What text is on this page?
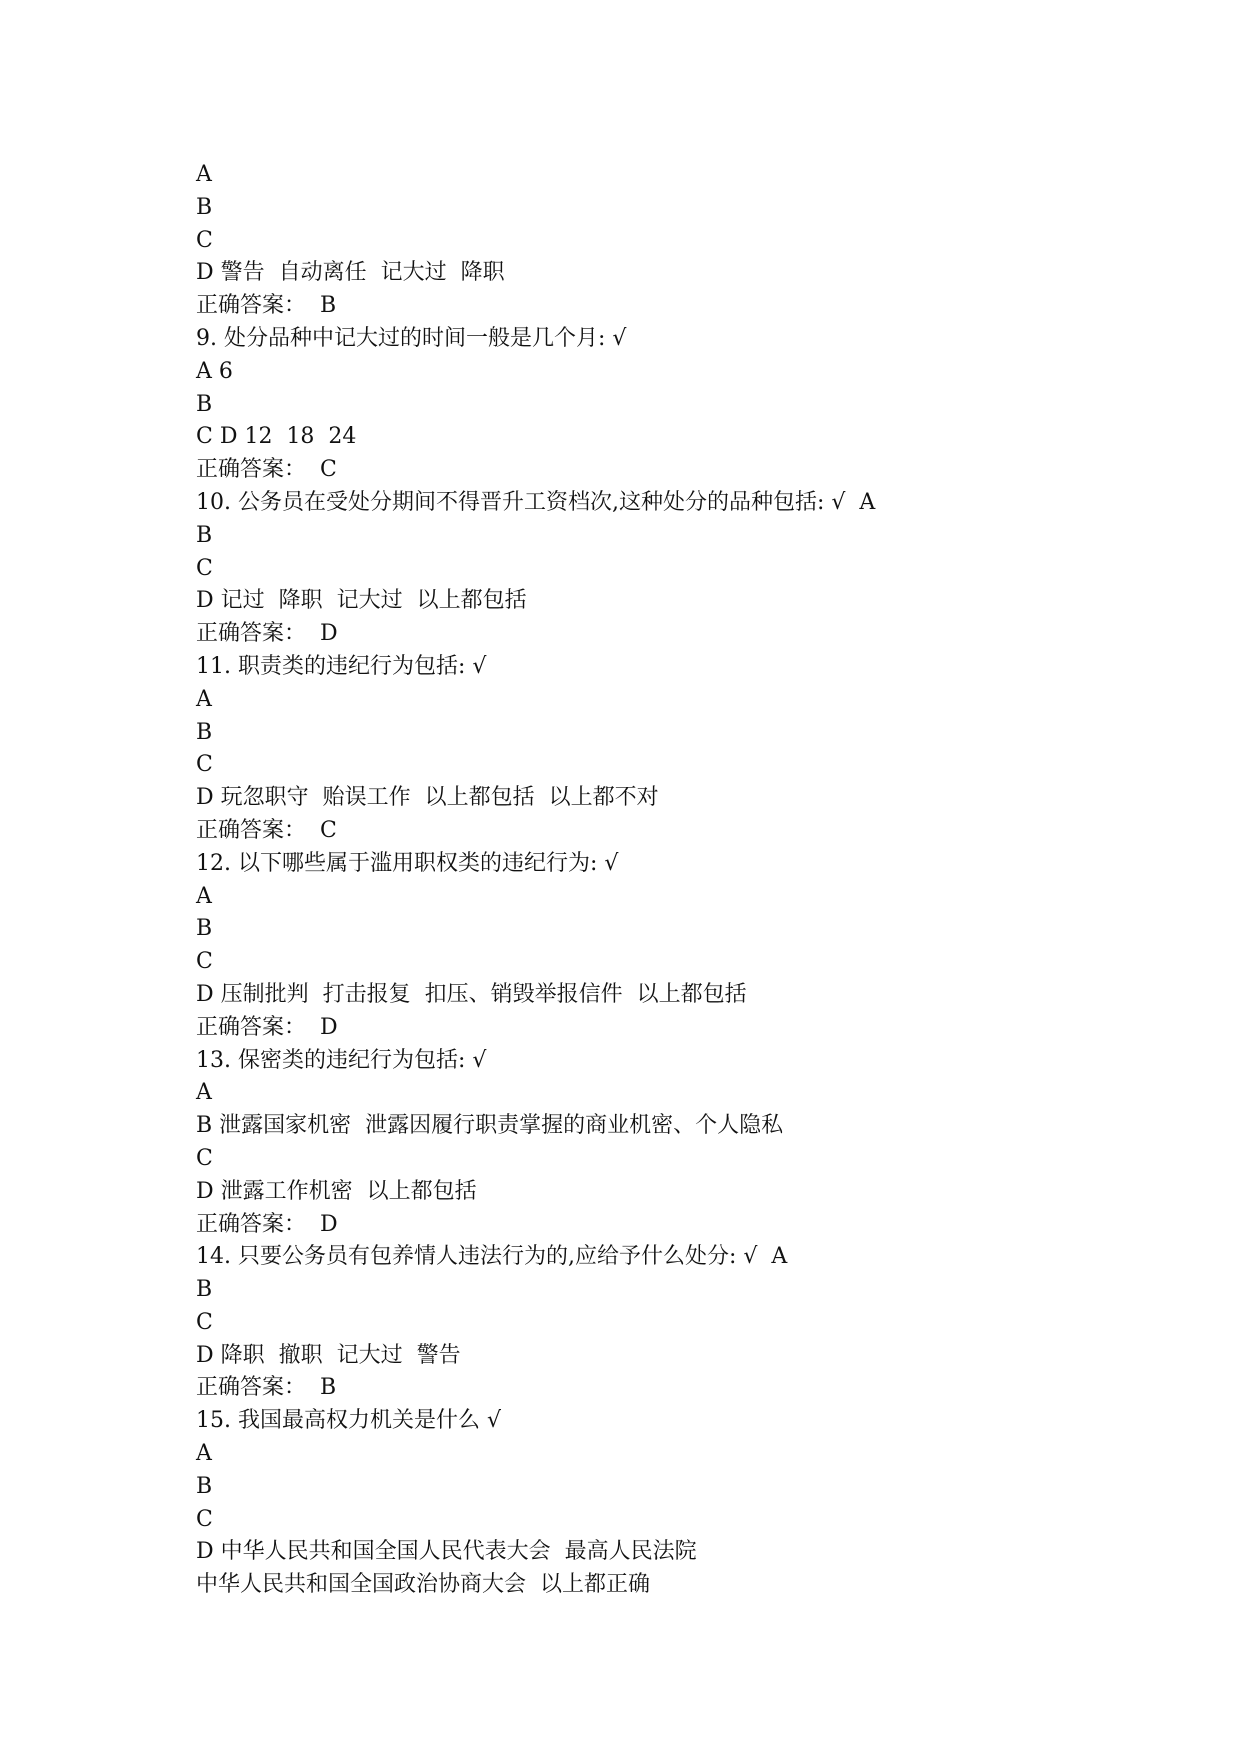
A
B
C
D 警告  自动离任  记大过  降职
正确答案：  B
9. 处分品种中记大过的时间一般是几个月: √
A 6
B
C D 12  18  24
正确答案：  C
10. 公务员在受处分期间不得晋升工资档次,这种处分的品种包括: √  A
B
C
D 记过  降职  记大过  以上都包括
正确答案：  D
11. 职责类的违纪行为包括: √
A
B
C
D 玩忽职守  贻误工作  以上都包括  以上都不对
正确答案：  C
12. 以下哪些属于滥用职权类的违纪行为: √
A
B
C
D 压制批判  打击报复  扣压、销毁举报信件  以上都包括
正确答案：  D
13. 保密类的违纪行为包括: √
A
B 泄露国家机密  泄露因履行职责掌握的商业机密、个人隐私
C
D 泄露工作机密  以上都包括
正确答案：  D
14. 只要公务员有包养情人违法行为的,应给予什么处分: √  A
B
C
D 降职  撤职  记大过  警告
正确答案：  B
15. 我国最高权力机关是什么 √
A
B
C
D 中华人民共和国全国人民代表大会  最高人民法院
中华人民共和国全国政治协商大会  以上都正确
